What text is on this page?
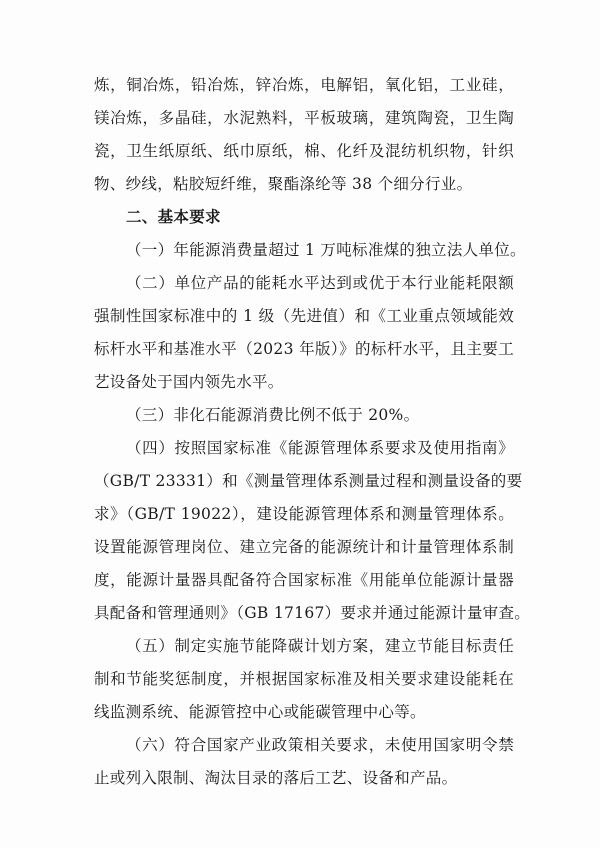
炼，铜冶炼，铅冶炼，锌冶炼，电解铝，氧化铝，工业硅，
镁冶炼，多晶硅，水泥熟料，平板玻璃，建筑陶瓷，卫生陶
瓷，卫生纸原纸、纸巾原纸，棉、化纤及混纺机织物，针织
物、纱线，粘胶短纤维，聚酯涤纶等 38 个细分行业。
二、基本要求
（一）年能源消费量超过 1 万吨标准煤的独立法人单位。
（二）单位产品的能耗水平达到或优于本行业能耗限额
强制性国家标准中的 1 级（先进值）和《工业重点领域能效
标杆水平和基准水平（2023 年版）》的标杆水平，且主要工
艺设备处于国内领先水平。
（三）非化石能源消费比例不低于 20%。
（四）按照国家标准《能源管理体系要求及使用指南》
（GB/T 23331）和《测量管理体系测量过程和测量设备的要
求》（GB/T 19022），建设能源管理体系和测量管理体系。
设置能源管理岗位、建立完备的能源统计和计量管理体系制
度，能源计量器具配备符合国家标准《用能单位能源计量器
具配备和管理通则》（GB 17167）要求并通过能源计量审查。
（五）制定实施节能降碳计划方案，建立节能目标责任
制和节能奖惩制度，并根据国家标准及相关要求建设能耗在
线监测系统、能源管控中心或能碳管理中心等。
（六）符合国家产业政策相关要求，未使用国家明令禁
止或列入限制、淘汰目录的落后工艺、设备和产品。
